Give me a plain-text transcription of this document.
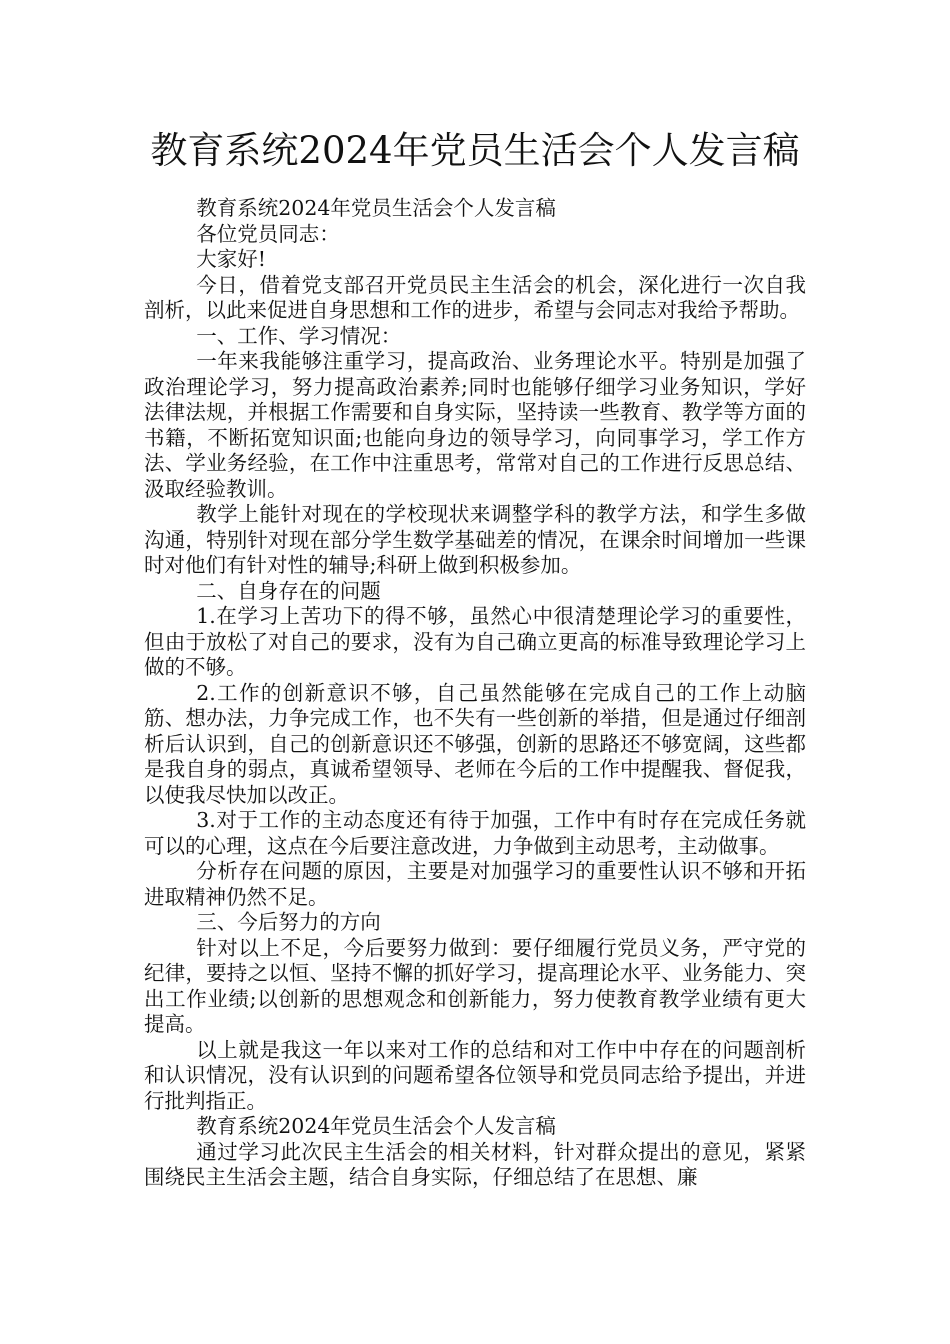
教育系统2024年党员生活会个人发言稿

教育系统2024年党员生活会个人发言稿

各位党员同志：

大家好!

今日，借着党支部召开党员民主生活会的机会，深化进行一次自我剖析，以此来促进自身思想和工作的进步，希望与会同志对我给予帮助。

一、工作、学习情况：

一年来我能够注重学习，提高政治、业务理论水平。特别是加强了政治理论学习，努力提高政治素养;同时也能够仔细学习业务知识，学好法律法规，并根据工作需要和自身实际，坚持读一些教育、教学等方面的书籍，不断拓宽知识面;也能向身边的领导学习，向同事学习，学工作方法、学业务经验，在工作中注重思考，常常对自己的工作进行反思总结、汲取经验教训。

教学上能针对现在的学校现状来调整学科的教学方法，和学生多做沟通，特别针对现在部分学生数学基础差的情况，在课余时间增加一些课时对他们有针对性的辅导;科研上做到积极参加。

二、自身存在的问题

1.在学习上苦功下的得不够，虽然心中很清楚理论学习的重要性，但由于放松了对自己的要求，没有为自己确立更高的标准导致理论学习上做的不够。

2.工作的创新意识不够，自己虽然能够在完成自己的工作上动脑筋、想办法，力争完成工作，也不失有一些创新的举措，但是通过仔细剖析后认识到，自己的创新意识还不够强，创新的思路还不够宽阔，这些都是我自身的弱点，真诚希望领导、老师在今后的工作中提醒我、督促我，以使我尽快加以改正。

3.对于工作的主动态度还有待于加强，工作中有时存在完成任务就可以的心理，这点在今后要注意改进，力争做到主动思考，主动做事。

分析存在问题的原因，主要是对加强学习的重要性认识不够和开拓进取精神仍然不足。

三、今后努力的方向

针对以上不足，今后要努力做到：要仔细履行党员义务，严守党的纪律，要持之以恒、坚持不懈的抓好学习，提高理论水平、业务能力、突出工作业绩;以创新的思想观念和创新能力，努力使教育教学业绩有更大提高。

以上就是我这一年以来对工作的总结和对工作中中存在的问题剖析和认识情况，没有认识到的问题希望各位领导和党员同志给予提出，并进行批判指正。

教育系统2024年党员生活会个人发言稿

通过学习此次民主生活会的相关材料，针对群众提出的意见，紧紧围绕民主生活会主题，结合自身实际，仔细总结了在思想、廉
